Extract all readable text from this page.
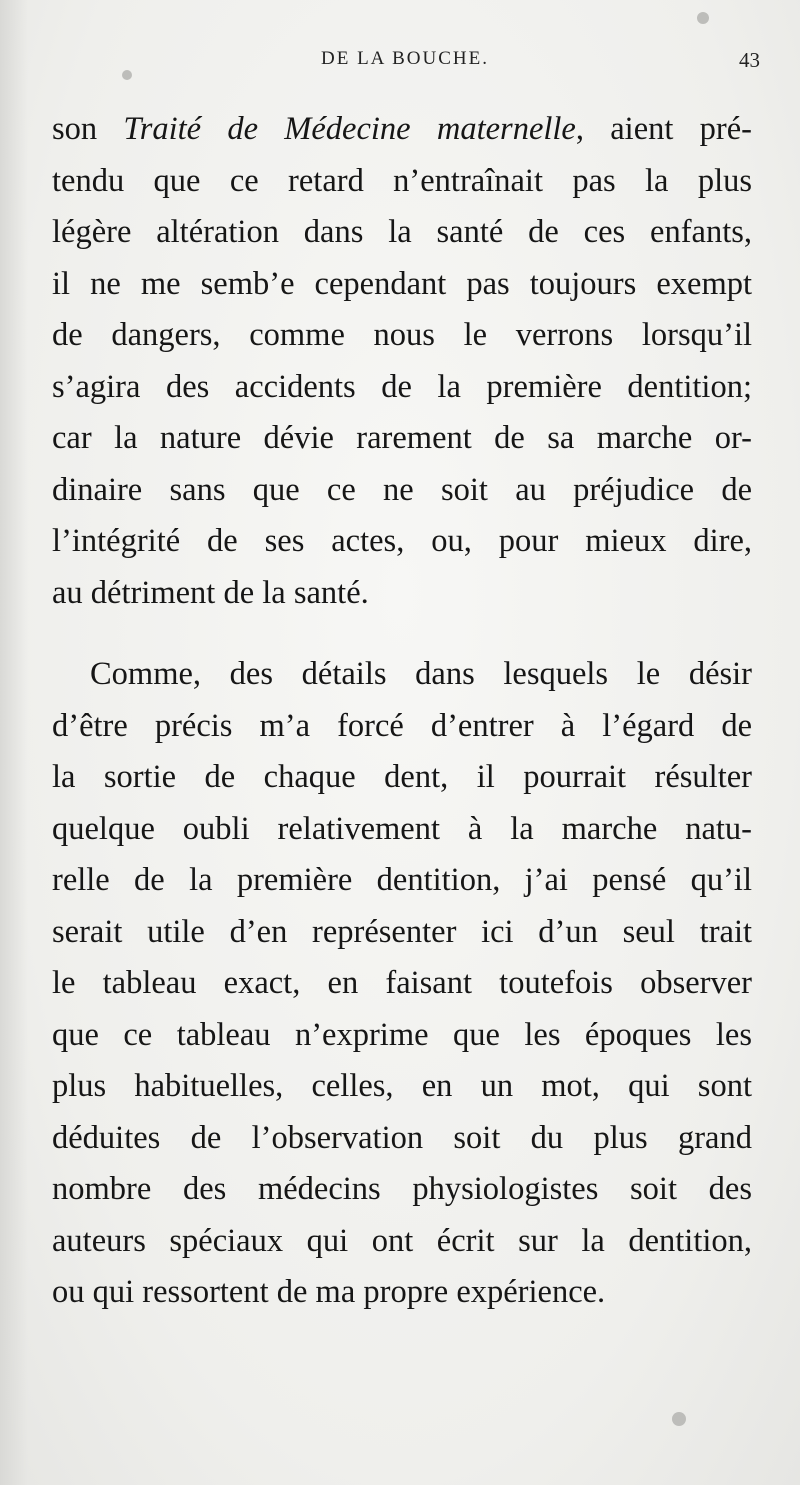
DE LA BOUCHE.	43
son Traité de Médecine maternelle, aient pré-
tendu que ce retard n’entraînait pas la plus
légère altération dans la santé de ces enfants,
il ne me semb’e cependant pas toujours exempt
de dangers, comme nous le verrons lorsqu’il
s’agira des accidents de la première dentition;
car la nature dévie rarement de sa marche or-
dinaire sans que ce ne soit au préjudice de
l’intégrité de ses actes, ou, pour mieux dire,
au détriment de la santé.
Comme, des détails dans lesquels le désir
d’être précis m’a forcé d’entrer à l’égard de
la sortie de chaque dent, il pourrait résulter
quelque oubli relativement à la marche natu-
relle de la première dentition, j’ai pensé qu’il
serait utile d’en représenter ici d’un seul trait
le tableau exact, en faisant toutefois observer
que ce tableau n’exprime que les époques les
plus habituelles, celles, en un mot, qui sont
déduites de l’observation soit du plus grand
nombre des médecins physiologistes soit des
auteurs spéciaux qui ont écrit sur la dentition,
ou qui ressortent de ma propre expérience.
